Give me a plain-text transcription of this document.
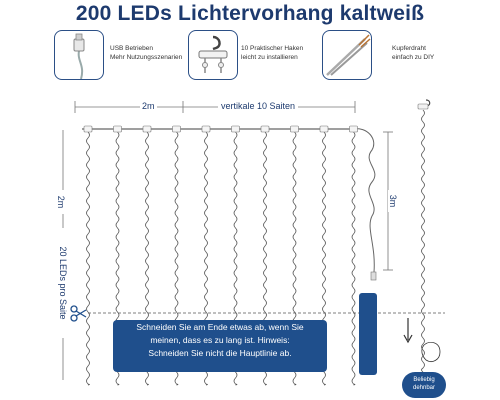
200 LEDs Lichtervorhang kaltweiß
USB Betrieben
Mehr Nutzungsszenarien
10 Praktischer Haken
leicht zu installieren
Kupferdraht
einfach zu DIY
2m	vertikale 10 Saiten
2m
20 LEDs pro Saite
3m
Schneiden Sie am Ende etwas ab, wenn Sie
meinen, dass es zu lang ist. Hinweis:
Schneiden Sie nicht die Hauptlinie ab.
Beliebig
dehnbar
